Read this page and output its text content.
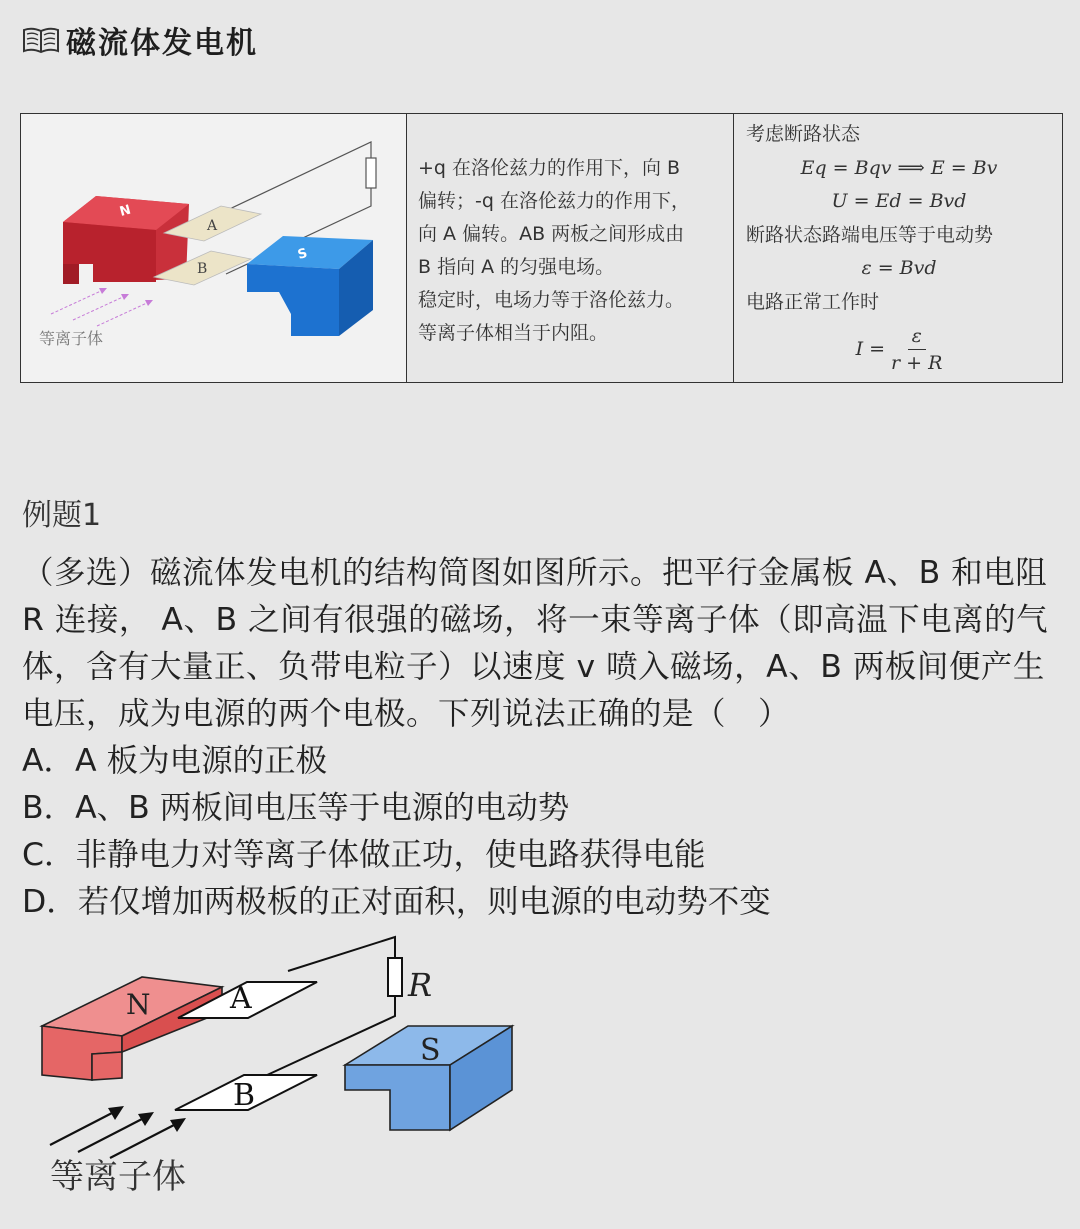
磁流体发电机
N
A
B
S
等离子体
+q 在洛伦兹力的作用下，向 B
偏转；-q 在洛伦兹力的作用下，
向 A 偏转。AB 两板之间形成由
B 指向 A 的匀强电场。
稳定时，电场力等于洛伦兹力。
等离子体相当于内阻。
考虑断路状态
Eq = Bqv ⟹ E = Bv
U = Ed = Bvd
断路状态路端电压等于电动势
ε = Bvd
电路正常工作时
$I = \frac{\varepsilon}{r + R}$
例题1
（多选）磁流体发电机的结构简图如图所示。把平行金属板 A、B 和电阻 R 连接， A、B 之间有很强的磁场，将一束等离子体（即高温下电离的气体，含有大量正、负带电粒子）以速度 v 喷入磁场，A、B 两板间便产生电压，成为电源的两个电极。下列说法正确的是（　）
A．A 板为电源的正极
B．A、B 两板间电压等于电源的电动势
C．非静电力对等离子体做正功，使电路获得电能
D．若仅增加两极板的正对面积，则电源的电动势不变
R
N	A
B
S
等离子体
